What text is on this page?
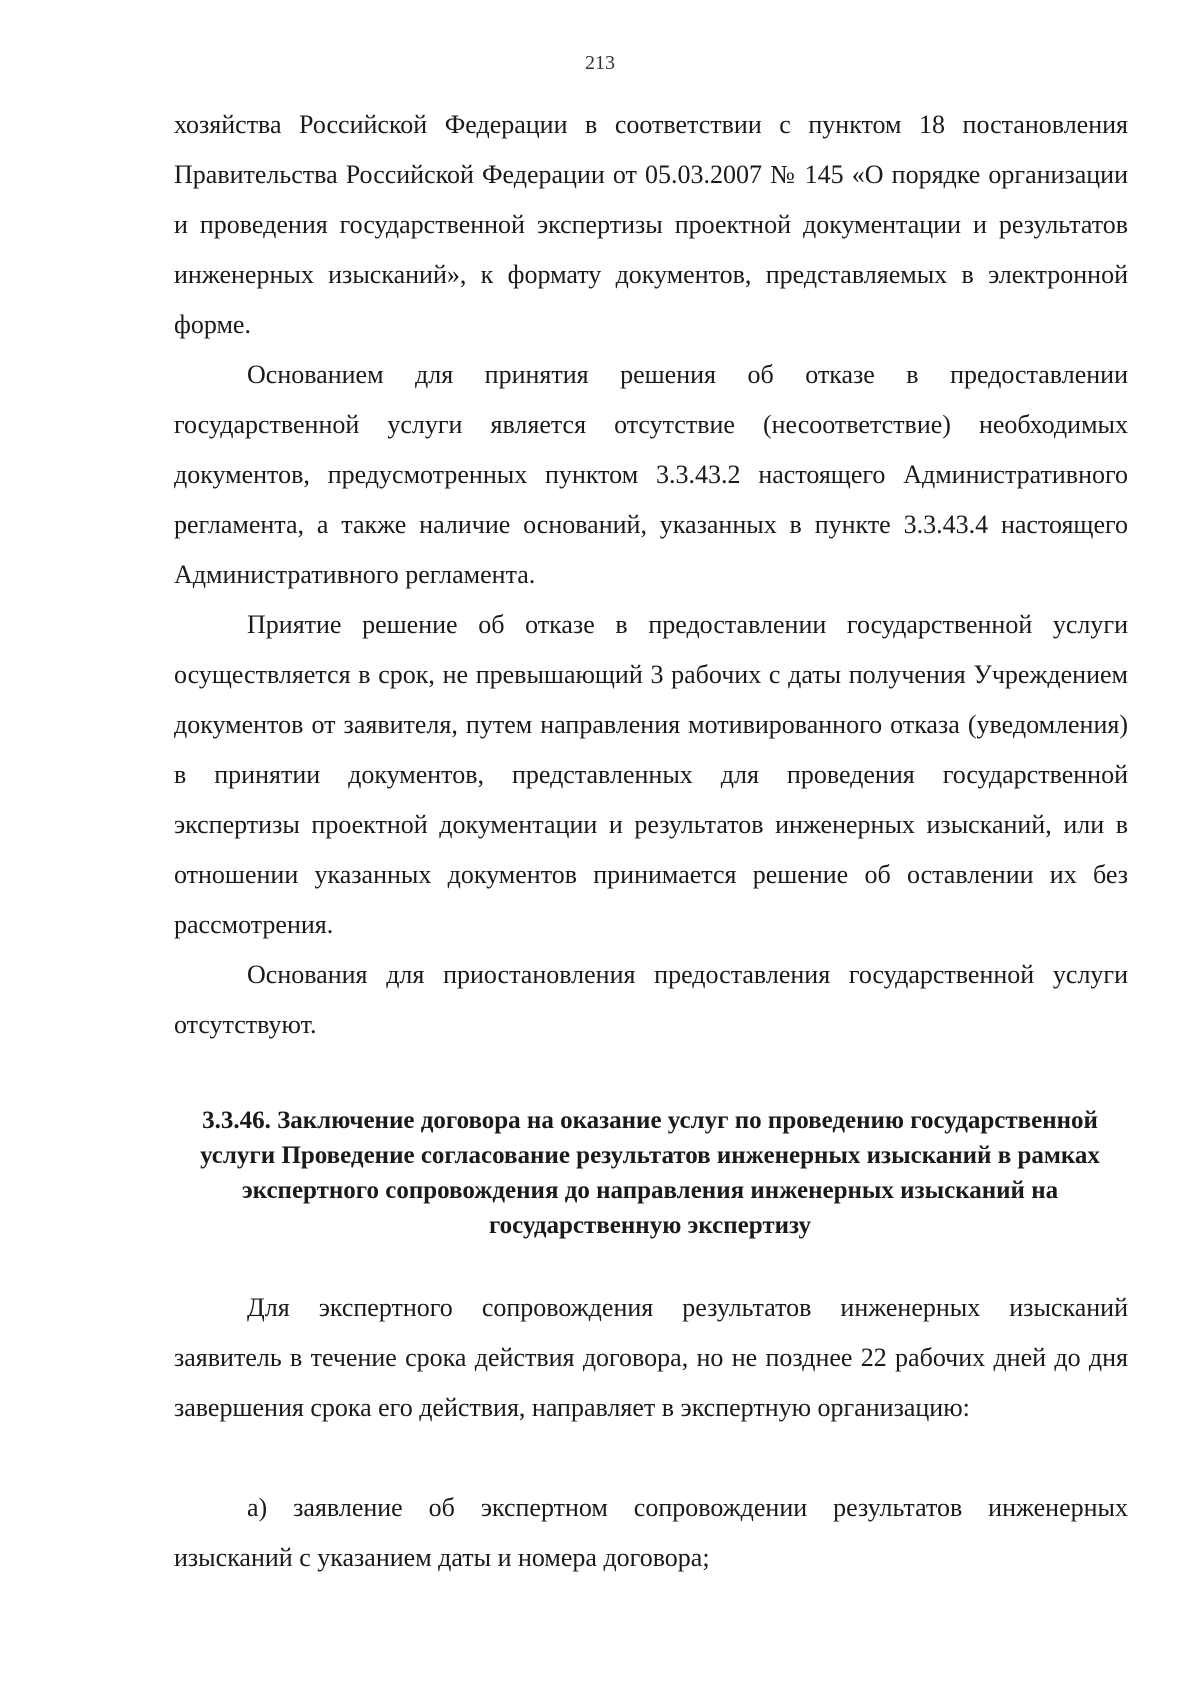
213

хозяйства Российской Федерации в соответствии с пунктом 18 постановления Правительства Российской Федерации от 05.03.2007 № 145 «О порядке организации и проведения государственной экспертизы проектной документации и результатов инженерных изысканий», к формату документов, представляемых в электронной форме.

Основанием для принятия решения об отказе в предоставлении государственной услуги является отсутствие (несоответствие) необходимых документов, предусмотренных пунктом 3.3.43.2 настоящего Административного регламента, а также наличие оснований, указанных в пункте 3.3.43.4 настоящего Административного регламента.

Приятие решение об отказе в предоставлении государственной услуги осуществляется в срок, не превышающий 3 рабочих с даты получения Учреждением документов от заявителя, путем направления мотивированного отказа (уведомления) в принятии документов, представленных для проведения государственной экспертизы проектной документации и результатов инженерных изысканий, или в отношении указанных документов принимается решение об оставлении их без рассмотрения.

Основания для приостановления предоставления государственной услуги отсутствуют.

3.3.46. Заключение договора на оказание услуг по проведению государственной услуги Проведение согласование результатов инженерных изысканий в рамках экспертного сопровождения до направления инженерных изысканий на государственную экспертизу

Для экспертного сопровождения результатов инженерных изысканий заявитель в течение срока действия договора, но не позднее 22 рабочих дней до дня завершения срока его действия, направляет в экспертную организацию:

а) заявление об экспертном сопровождении результатов инженерных изысканий с указанием даты и номера договора;
